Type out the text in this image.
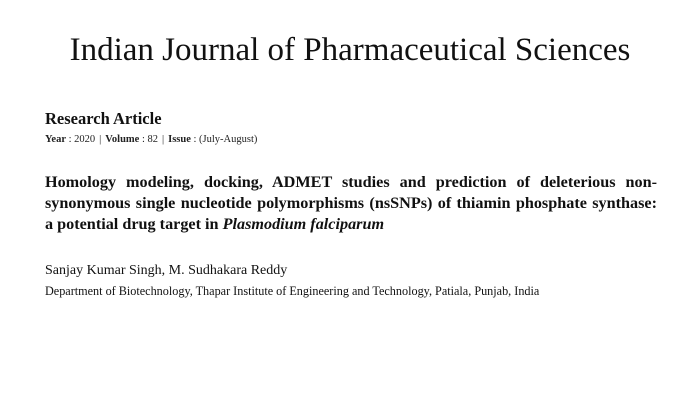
Indian Journal of Pharmaceutical Sciences
Research Article
Year : 2020 | Volume : 82 | Issue : (July-August)
Homology modeling, docking, ADMET studies and prediction of deleterious non-synonymous single nucleotide polymorphisms (nsSNPs) of thiamin phosphate synthase: a potential drug target in Plasmodium falciparum
Sanjay Kumar Singh, M. Sudhakara Reddy
Department of Biotechnology, Thapar Institute of Engineering and Technology, Patiala, Punjab, India
